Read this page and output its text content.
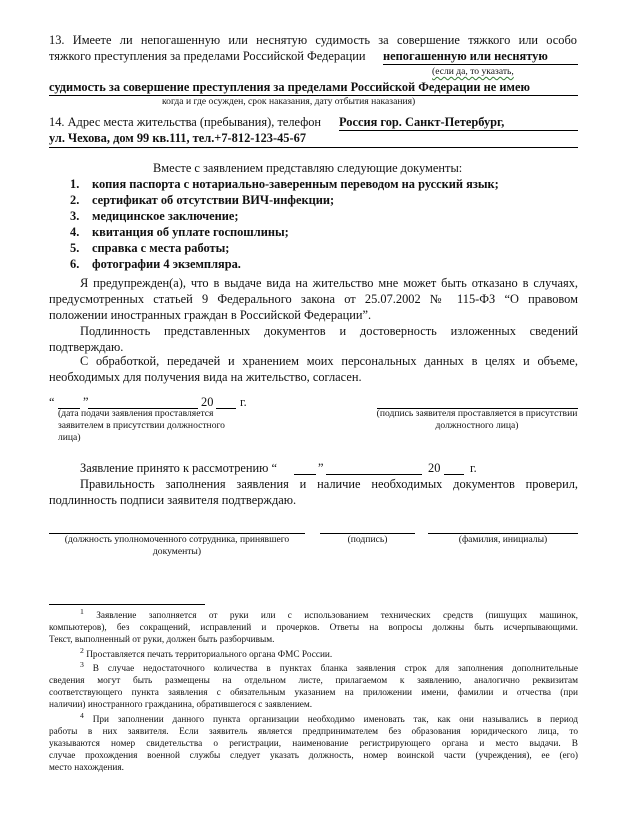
13. Имеете ли непогашенную или неснятую судимость за совершение тяжкого или особо
тяжкого преступления за пределами Российской Федерации непогашенную или неснятую
(если да, то указать,
судимость за совершение преступления за пределами Российской Федерации не имею
когда и где осужден, срок наказания, дату отбытия наказания)
14. Адрес места жительства (пребывания), телефон Россия гор. Санкт-Петербург,
ул. Чехова, дом 99 кв.111, тел.+7-812-123-45-67
Вместе с заявлением представляю следующие документы:
1. копия паспорта с нотариально-заверенным переводом на русский язык;
2. сертификат об отсутствии ВИЧ-инфекции;
3. медицинское заключение;
4. квитанция об уплате госпошлины;
5. справка с места работы;
6. фотографии 4 экземпляра.
Я предупрежден(а), что в выдаче вида на жительство мне может быть отказано в случаях,
предусмотренных статьей 9 Федерального закона от 25.07.2002 № 115-ФЗ “О правовом
положении иностранных граждан в Российской Федерации”.
Подлинность представленных документов и достоверность изложенных сведений
подтверждаю.
С обработкой, передачей и хранением моих персональных данных в целях и объеме,
необходимых для получения вида на жительство, согласен.
“ ”	20 г.
(дата подачи заявления проставляется заявителем в присутствии должностного лица)
(подпись заявителя проставляется в присутствии должностного лица)
Заявление принято к рассмотрению “	”	20 г.
Правильность заполнения заявления и наличие необходимых документов проверил,
подлинность подписи заявителя подтверждаю.
(должность уполномоченного сотрудника, принявшего документы)
(подпись)	(фамилия, инициалы)
$^1$ Заявление заполняется от руки или с использованием технических средств (пишущих машинок,
компьютеров), без сокращений, исправлений и прочерков. Ответы на вопросы должны быть исчерпывающими.
Текст, выполненный от руки, должен быть разборчивым.
$^2$ Проставляется печать территориального органа ФМС России.
$^3$ В случае недостаточного количества в пунктах бланка заявления строк для заполнения дополнительные
сведения могут быть размещены на отдельном листе, прилагаемом к заявлению, аналогично реквизитам
соответствующего пункта заявления с обязательным указанием на приложении имени, фамилии и отчества (при
наличии) иностранного гражданина, обратившегося с заявлением.
$^4$ При заполнении данного пункта организации необходимо именовать так, как они назывались в период
работы в них заявителя. Если заявитель является предпринимателем без образования юридического лица, то
указываются номер свидетельства о регистрации, наименование регистрирующего органа и место выдачи. В
случае прохождения военной службы следует указать должность, номер воинской части (учреждения), ее (его)
место нахождения.
